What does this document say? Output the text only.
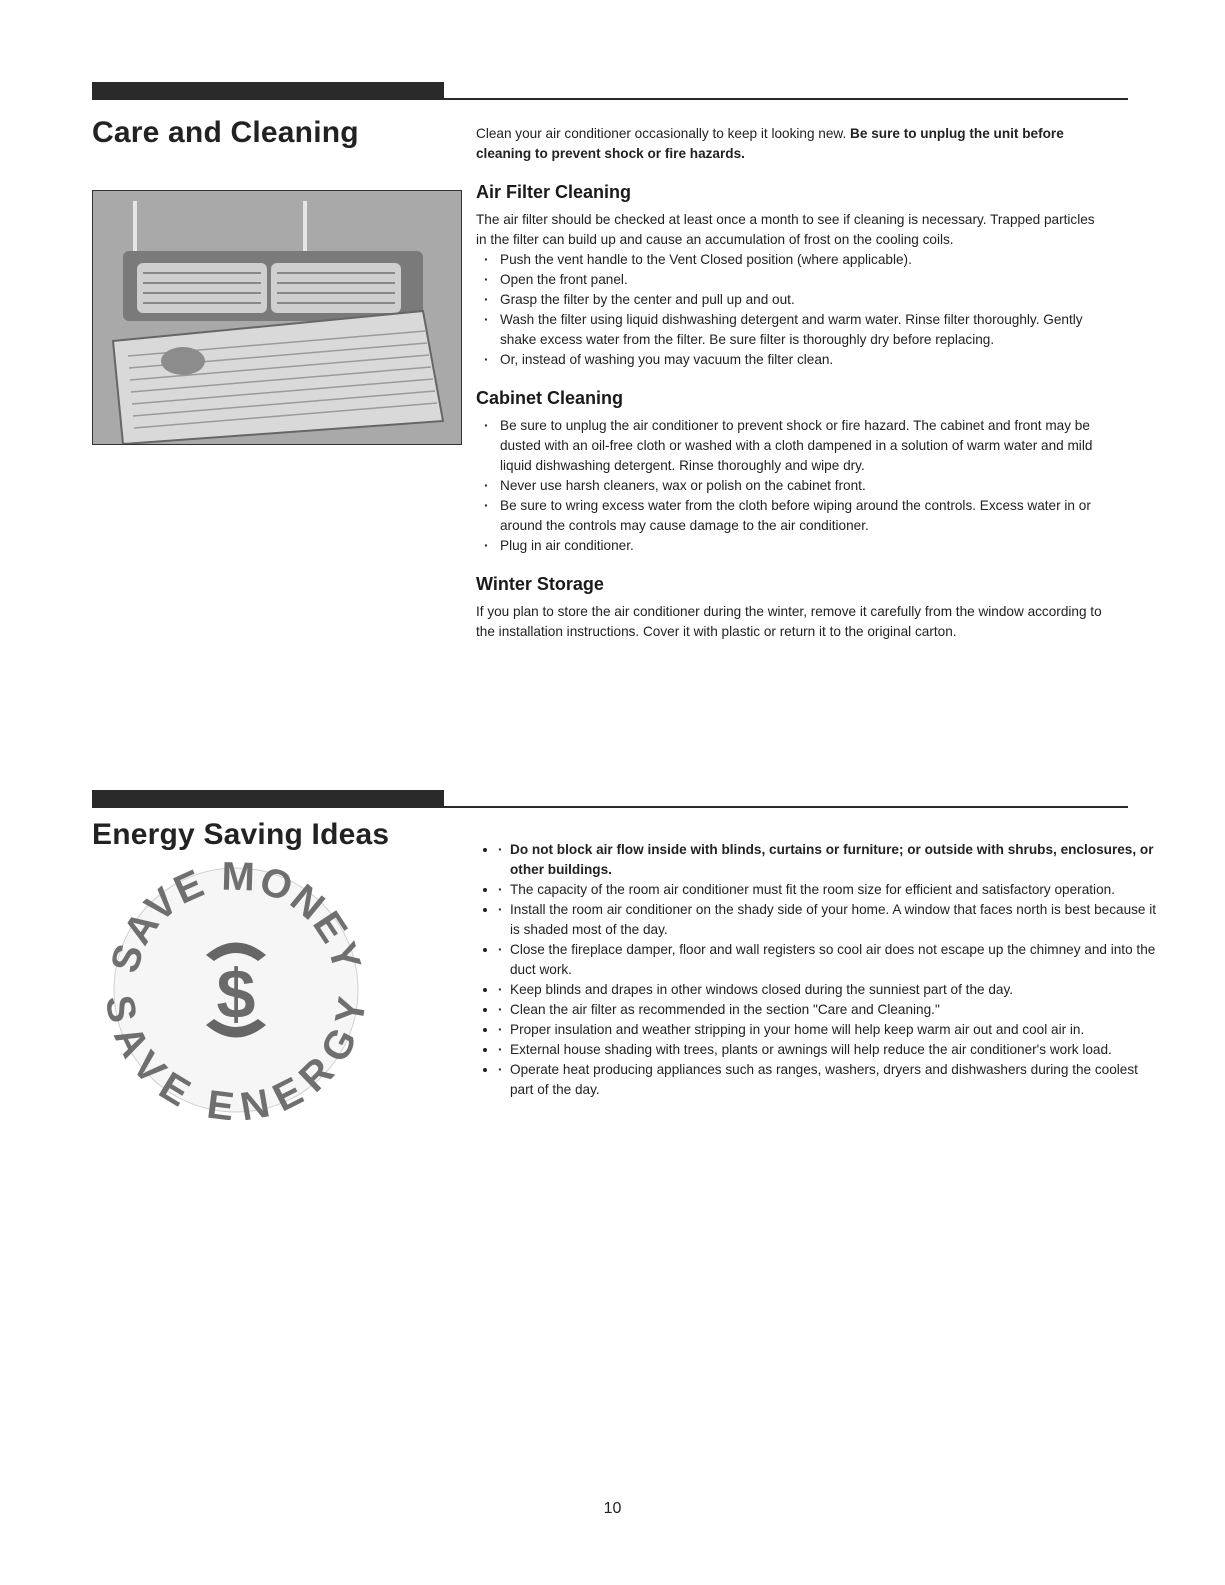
Care and Cleaning	Clean your air conditioner occasionally to keep it looking new. Be sure to unplug the unit before cleaning to prevent shock or fire hazards.

Air Filter Cleaning

The air filter should be checked at least once a month to see if cleaning is necessary. Trapped particles in the filter can build up and cause an accumulation of frost on the cooling coils.

· Push the vent handle to the Vent Closed position (where applicable).
· Open the front panel.
· Grasp the filter by the center and pull up and out.
· Wash the filter using liquid dishwashing detergent and warm water. Rinse filter thoroughly. Gently shake excess water from the filter. Be sure filter is thoroughly dry before replacing.
· Or, instead of washing you may vacuum the filter clean.
Cabinet Cleaning
· Be sure to unplug the air conditioner to prevent shock or fire hazard. The cabinet and front may be dusted with an oil-free cloth or washed with a cloth dampened in a solution of warm water and mild liquid dishwashing detergent. Rinse thoroughly and wipe dry.
· Never use harsh cleaners, wax or polish on the cabinet front.
· Be sure to wring excess water from the cloth before wiping around the controls. Excess water in or around the controls may cause damage to the air conditioner.
· Plug in air conditioner.
Winter Storage

If you plan to store the air conditioner during the winter, remove it carefully from the window according to the installation instructions. Cover it with plastic or return it to the original carton.

Energy Saving Ideas
SAVE MONEY
AVE ENERG
$
· • Do not block air flow inside with blinds, curtains or furniture; or outside with shrubs, enclosures, or other buildings.
· • The capacity of the room air conditioner must fit the room size for efficient and satisfactory operation.
· • Install the room air conditioner on the shady side of your home. A window that faces north is best because it is shaded most of the day.
· • Close the fireplace damper, floor and wall registers so cool air does not escape up the chimney and into the duct work.
· • Keep blinds and drapes in other windows closed during the sunniest part of the day.
· • Clean the air filter as recommended in the section "Care and Cleaning."
· • Proper insulation and weather stripping in your home will help keep warm air out and cool air in.
· • External house shading with trees, plants or awnings will help reduce the air conditioner's work load.
· • Operate heat producing appliances such as ranges, washers, dryers and dishwashers during the coolest part of the day.
10
